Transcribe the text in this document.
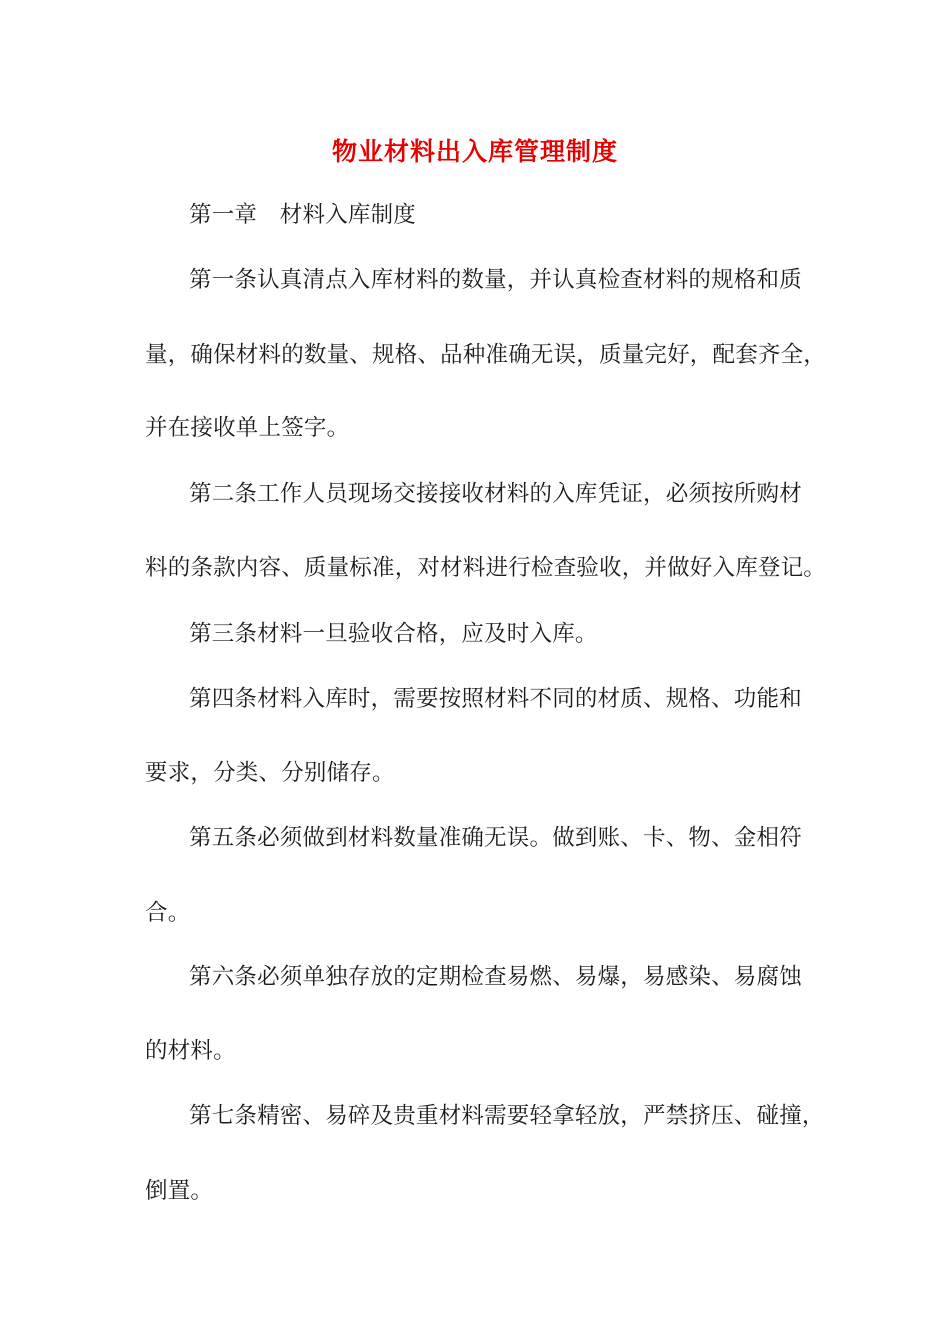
物业材料出入库管理制度
第一章　材料入库制度
第一条认真清点入库材料的数量，并认真检查材料的规格和质
量，确保材料的数量、规格、品种准确无误，质量完好，配套齐全，
并在接收单上签字。
第二条工作人员现场交接接收材料的入库凭证，必须按所购材
料的条款内容、质量标准，对材料进行检查验收，并做好入库登记。
第三条材料一旦验收合格，应及时入库。
第四条材料入库时，需要按照材料不同的材质、规格、功能和
要求，分类、分别储存。
第五条必须做到材料数量准确无误。做到账、卡、物、金相符
合。
第六条必须单独存放的定期检查易燃、易爆，易感染、易腐蚀
的材料。
第七条精密、易碎及贵重材料需要轻拿轻放，严禁挤压、碰撞，
倒置。
